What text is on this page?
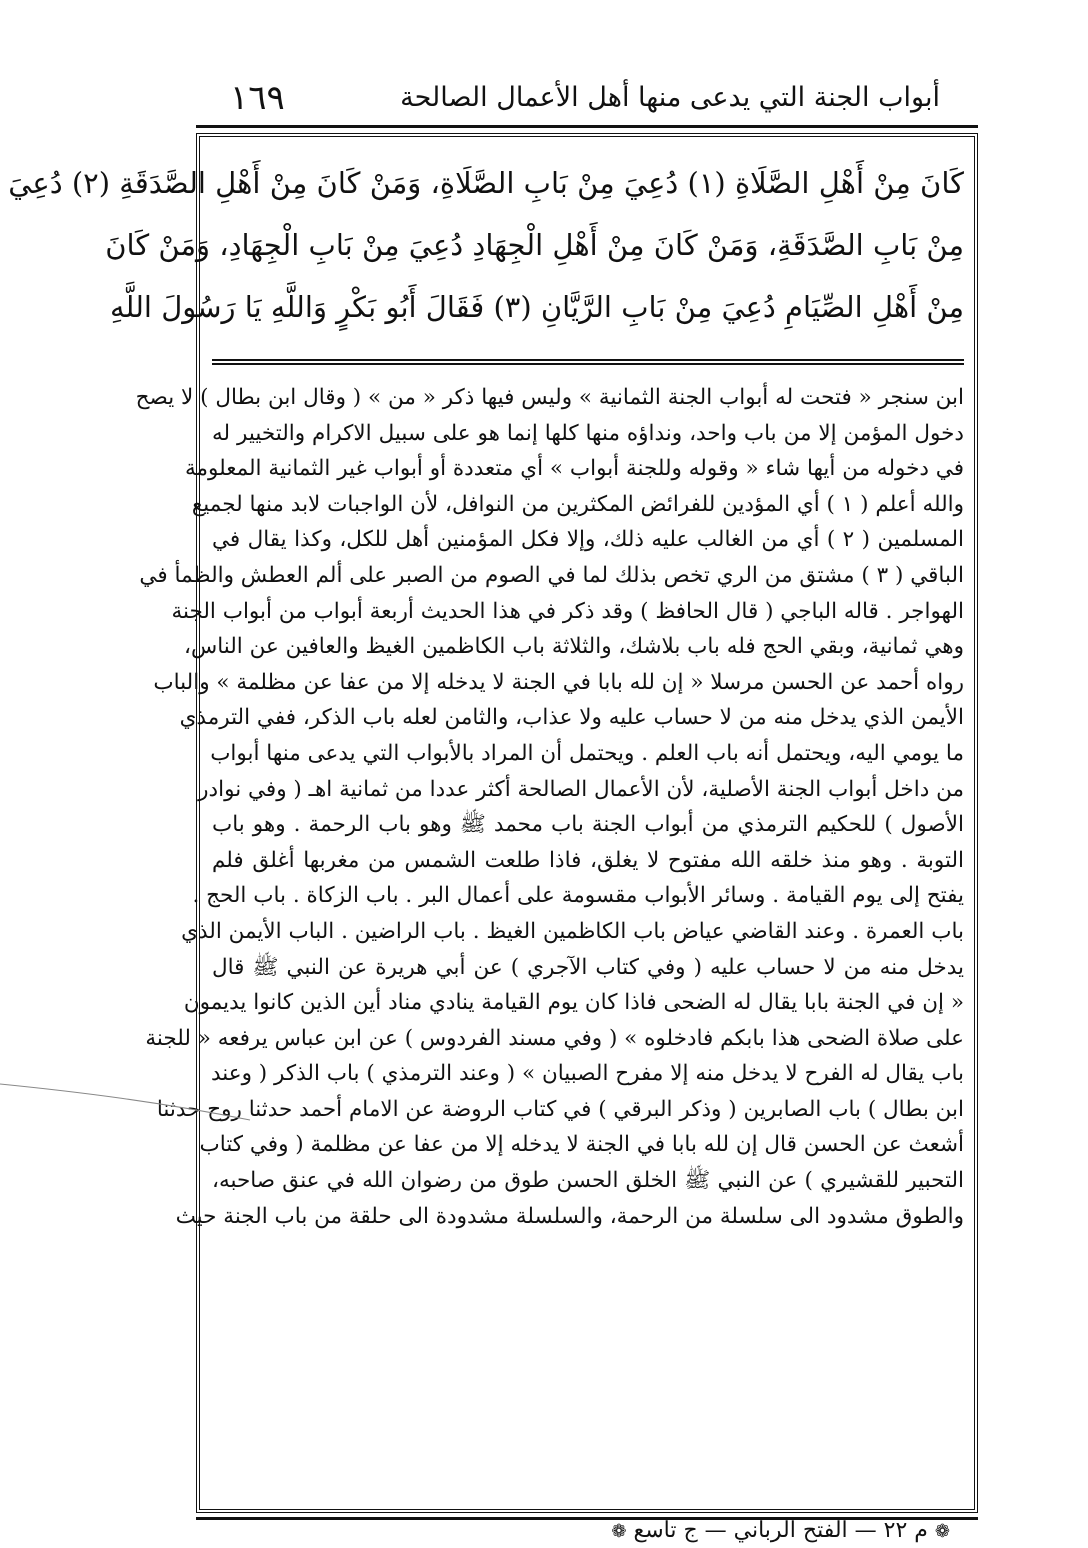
أبواب الجنة التي يدعى منها أهل الأعمال الصالحة
١٦٩

كَانَ مِنْ أَهْلِ الصَّلَاةِ (١) دُعِيَ مِنْ بَابِ الصَّلَاةِ، وَمَنْ كَانَ مِنْ أَهْلِ الصَّدَقَةِ (٢) دُعِيَ

مِنْ بَابِ الصَّدَقَةِ، وَمَنْ كَانَ مِنْ أَهْلِ الْجِهَادِ دُعِيَ مِنْ بَابِ الْجِهَادِ، وَمَنْ كَانَ

مِنْ أَهْلِ الصِّيَامِ دُعِيَ مِنْ بَابِ الرَّيَّانِ (٣) فَقَالَ أَبُو بَكْرٍ وَاللَّهِ يَا رَسُولَ اللَّهِ

ابن سنجر « فتحت له أبواب الجنة الثمانية » وليس فيها ذكر « من » ( وقال ابن بطال ) لا يصح

دخول المؤمن إلا من باب واحد، ونداؤه منها كلها إنما هو على سبيل الاكرام والتخيير له

في دخوله من أيها شاء « وقوله وللجنة أبواب » أي متعددة أو أبواب غير الثمانية المعلومة

والله أعلم ( ١ ) أي المؤدين للفرائض المكثرين من النوافل، لأن الواجبات لابد منها لجميع

المسلمين ( ٢ ) أي من الغالب عليه ذلك، وإلا فكل المؤمنين أهل للكل، وكذا يقال في

الباقي ( ٣ ) مشتق من الري تخص بذلك لما في الصوم من الصبر على ألم العطش والظمأ في

الهواجر . قاله الباجي ( قال الحافظ ) وقد ذكر في هذا الحديث أربعة أبواب من أبواب الجنة

وهي ثمانية، وبقي الحج فله باب بلاشك، والثلاثة باب الكاظمين الغيظ والعافين عن الناس،

رواه أحمد عن الحسن مرسلا « إن لله بابا في الجنة لا يدخله إلا من عفا عن مظلمة » والباب

الأيمن الذي يدخل منه من لا حساب عليه ولا عذاب، والثامن لعله باب الذكر، ففي الترمذي

ما يومي اليه، ويحتمل أنه باب العلم . ويحتمل أن المراد بالأبواب التي يدعى منها أبواب

من داخل أبواب الجنة الأصلية، لأن الأعمال الصالحة أكثر عددا من ثمانية اهـ ( وفي نوادر

الأصول ) للحكيم الترمذي من أبواب الجنة باب محمد ﷺ وهو باب الرحمة . وهو باب

التوبة . وهو منذ خلقه الله مفتوح لا يغلق، فاذا طلعت الشمس من مغربها أغلق فلم

يفتح إلى يوم القيامة . وسائر الأبواب مقسومة على أعمال البر . باب الزكاة . باب الحج .

باب العمرة . وعند القاضي عياض باب الكاظمين الغيظ . باب الراضين . الباب الأيمن الذي

يدخل منه من لا حساب عليه ( وفي كتاب الآجري ) عن أبي هريرة عن النبي ﷺ قال

« إن في الجنة بابا يقال له الضحى فاذا كان يوم القيامة ينادي مناد أين الذين كانوا يديمون

على صلاة الضحى هذا بابكم فادخلوه » ( وفي مسند الفردوس ) عن ابن عباس يرفعه « للجنة

باب يقال له الفرح لا يدخل منه إلا مفرح الصبيان » ( وعند الترمذي ) باب الذكر ( وعند

ابن بطال ) باب الصابرين ( وذكر البرقي ) في كتاب الروضة عن الامام أحمد حدثنا روح حدثنا

أشعث عن الحسن قال إن لله بابا في الجنة لا يدخله إلا من عفا عن مظلمة ( وفي كتاب

التحبير للقشيري ) عن النبي ﷺ الخلق الحسن طوق من رضوان الله في عنق صاحبه،

والطوق مشدود الى سلسلة من الرحمة، والسلسلة مشدودة الى حلقة من باب الجنة حيث

❁ م ٢٢ — الفتح الرباني — ج تاسع ❁
